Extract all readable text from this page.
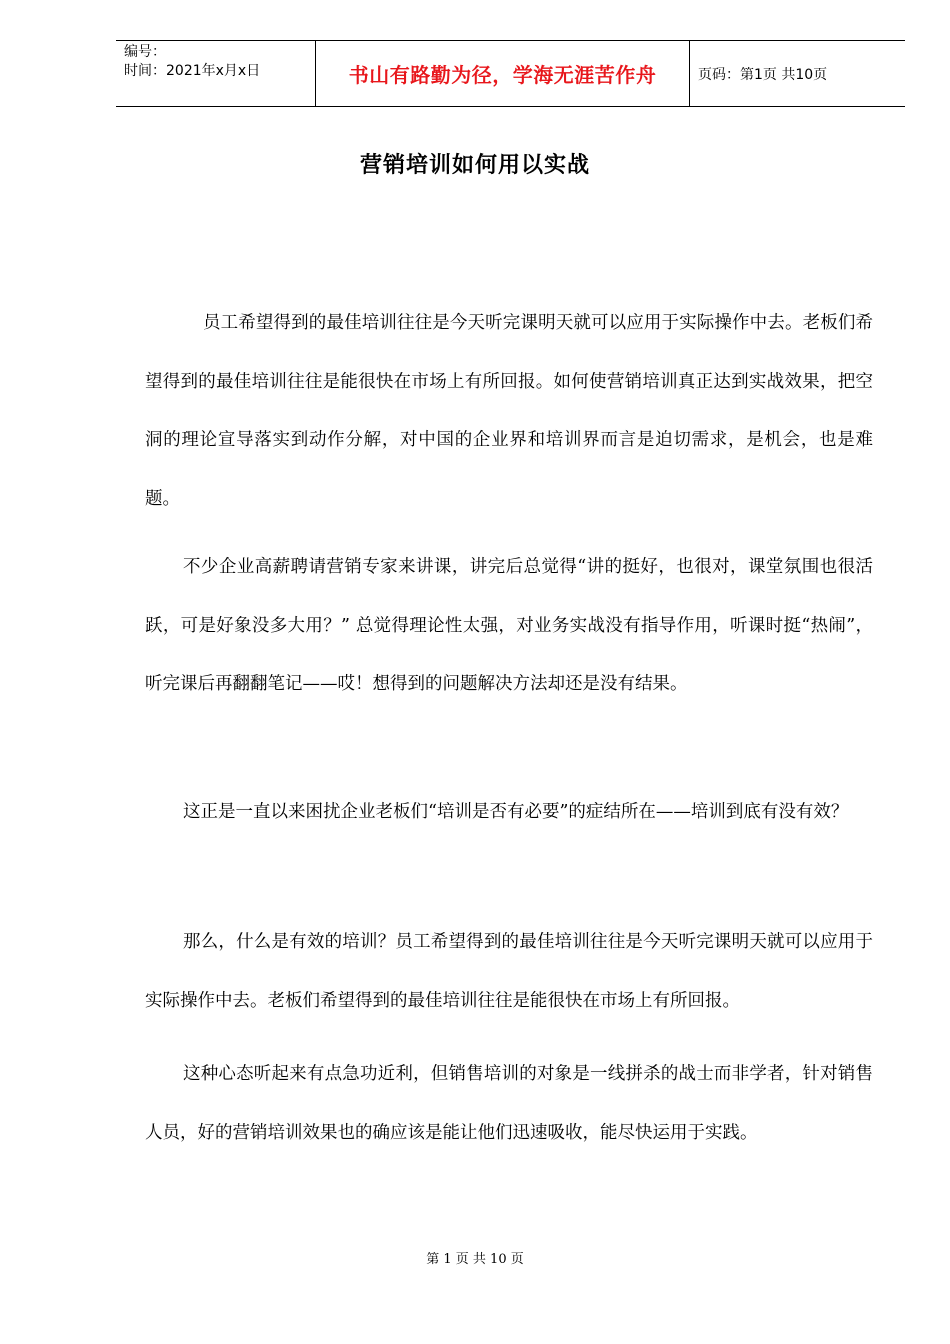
编号：
时间：2021年x月x日	书山有路勤为径，学海无涯苦作舟	页码：第1页 共10页
营销培训如何用以实战
员工希望得到的最佳培训往往是今天听完课明天就可以应用于实际操作中去。老板们希望得到的最佳培训往往是能很快在市场上有所回报。如何使营销培训真正达到实战效果，把空洞的理论宣导落实到动作分解，对中国的企业界和培训界而言是迫切需求，是机会，也是难题。
不少企业高薪聘请营销专家来讲课，讲完后总觉得“讲的挺好，也很对，课堂氛围也很活跃，可是好象没多大用？” 总觉得理论性太强，对业务实战没有指导作用，听课时挺“热闹”，听完课后再翻翻笔记——哎！想得到的问题解决方法却还是没有结果。
这正是一直以来困扰企业老板们“培训是否有必要”的症结所在——培训到底有没有效？
那么，什么是有效的培训？员工希望得到的最佳培训往往是今天听完课明天就可以应用于实际操作中去。老板们希望得到的最佳培训往往是能很快在市场上有所回报。
这种心态听起来有点急功近利，但销售培训的对象是一线拼杀的战士而非学者，针对销售人员，好的营销培训效果也的确应该是能让他们迅速吸收，能尽快运用于实践。
第 1 页 共 10 页
